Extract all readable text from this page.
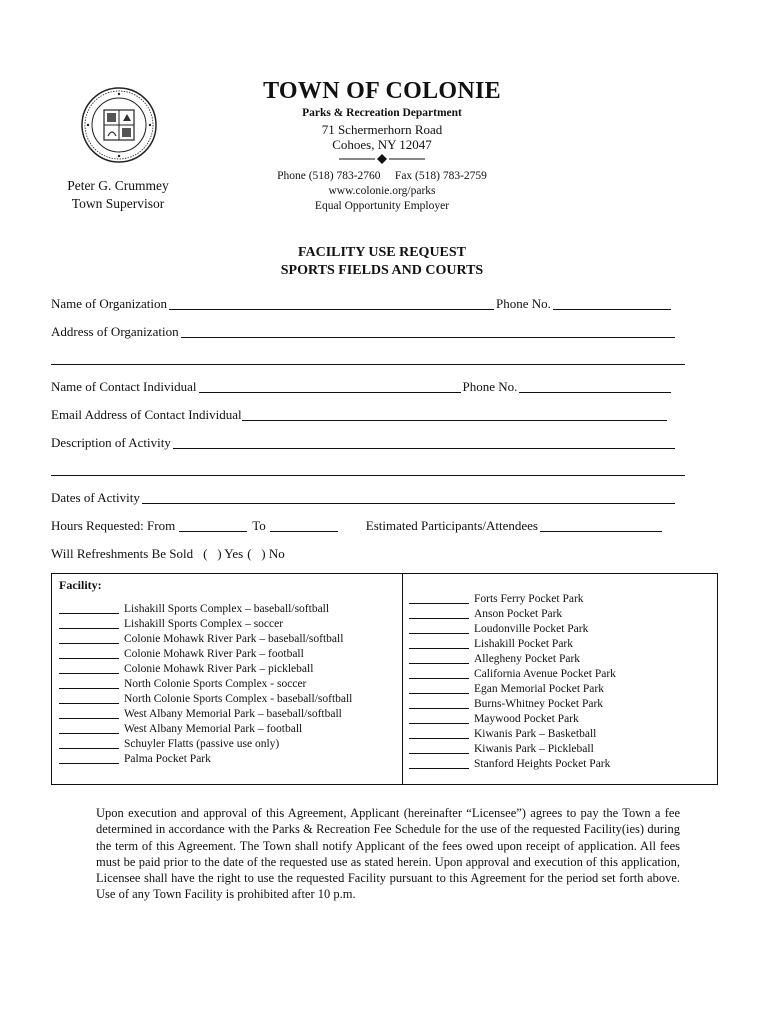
Peter G. Crummey
Town Supervisor
TOWN OF COLONIE
Parks & Recreation Department
71 Schermerhorn Road
Cohoes, NY 12047
Phone (518) 783-2760     Fax (518) 783-2759
www.colonie.org/parks
Equal Opportunity Employer
FACILITY USE REQUEST
SPORTS FIELDS AND COURTS
Name of Organization	Phone No.
Address of Organization
Name of Contact Individual	Phone No.
Email Address of Contact Individual
Description of Activity
Dates of Activity
Hours Requested: From	To	Estimated Participants/Attendees
Will Refreshments Be Sold (   ) Yes (   ) No
Facility:
Lishakill Sports Complex – baseball/softball
Lishakill Sports Complex – soccer
Colonie Mohawk River Park – baseball/softball
Colonie Mohawk River Park – football
Colonie Mohawk River Park – pickleball
North Colonie Sports Complex - soccer
North Colonie Sports Complex - baseball/softball
West Albany Memorial Park – baseball/softball
West Albany Memorial Park – football
Schuyler Flatts (passive use only)
Palma Pocket Park
Forts Ferry Pocket Park
Anson Pocket Park
Loudonville Pocket Park
Lishakill Pocket Park
Allegheny Pocket Park
California Avenue Pocket Park
Egan Memorial Pocket Park
Burns-Whitney Pocket Park
Maywood Pocket Park
Kiwanis Park – Basketball
Kiwanis Park – Pickleball
Stanford Heights Pocket Park
Upon execution and approval of this Agreement, Applicant (hereinafter “Licensee”) agrees to pay the Town a fee determined in accordance with the Parks & Recreation Fee Schedule for the use of the requested Facility(ies) during the term of this Agreement. The Town shall notify Applicant of the fees owed upon receipt of application. All fees must be paid prior to the date of the requested use as stated herein. Upon approval and execution of this application, Licensee shall have the right to use the requested Facility pursuant to this Agreement for the period set forth above. Use of any Town Facility is prohibited after 10 p.m.
